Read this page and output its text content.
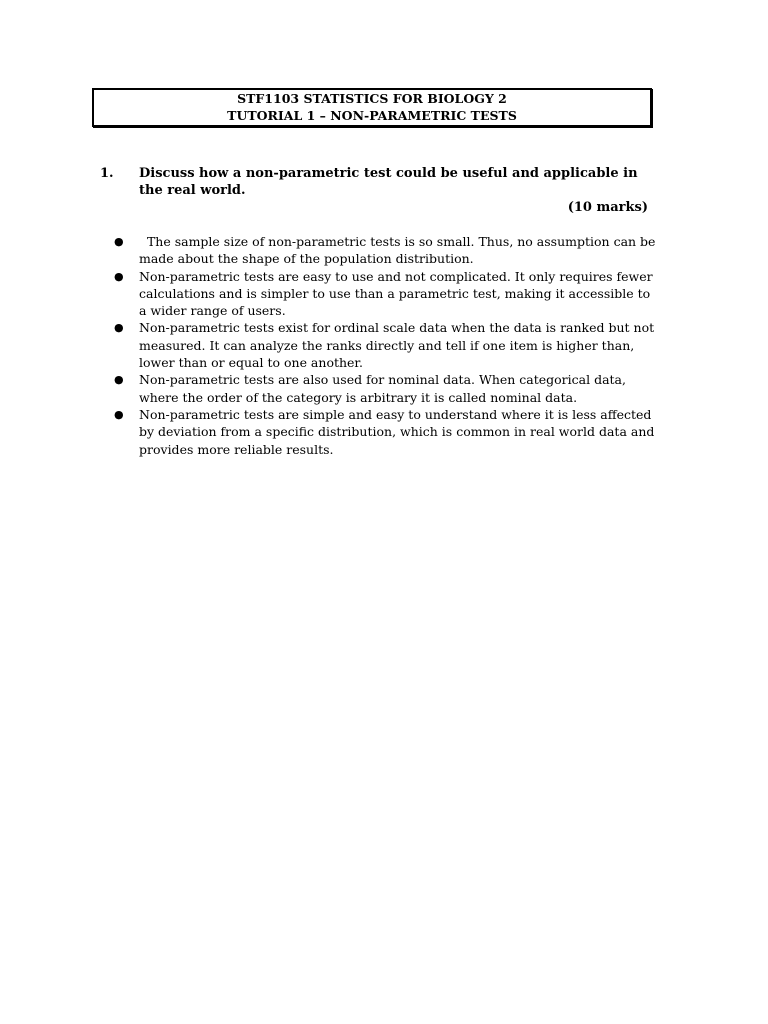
STF1103 STATISTICS FOR BIOLOGY 2
TUTORIAL 1 – NON-PARAMETRIC TESTS
1. Discuss how a non-parametric test could be useful and applicable in the real world.
(10 marks)
● The sample size of non-parametric tests is so small. Thus, no assumption can be made about the shape of the population distribution.
● Non-parametric tests are easy to use and not complicated. It only requires fewer calculations and is simpler to use than a parametric test, making it accessible to a wider range of users.
● Non-parametric tests exist for ordinal scale data when the data is ranked but not measured. It can analyze the ranks directly and tell if one item is higher than, lower than or equal to one another.
● Non-parametric tests are also used for nominal data. When categorical data, where the order of the category is arbitrary it is called nominal data.
● Non-parametric tests are simple and easy to understand where it is less affected by deviation from a specific distribution, which is common in real world data and provides more reliable results.
